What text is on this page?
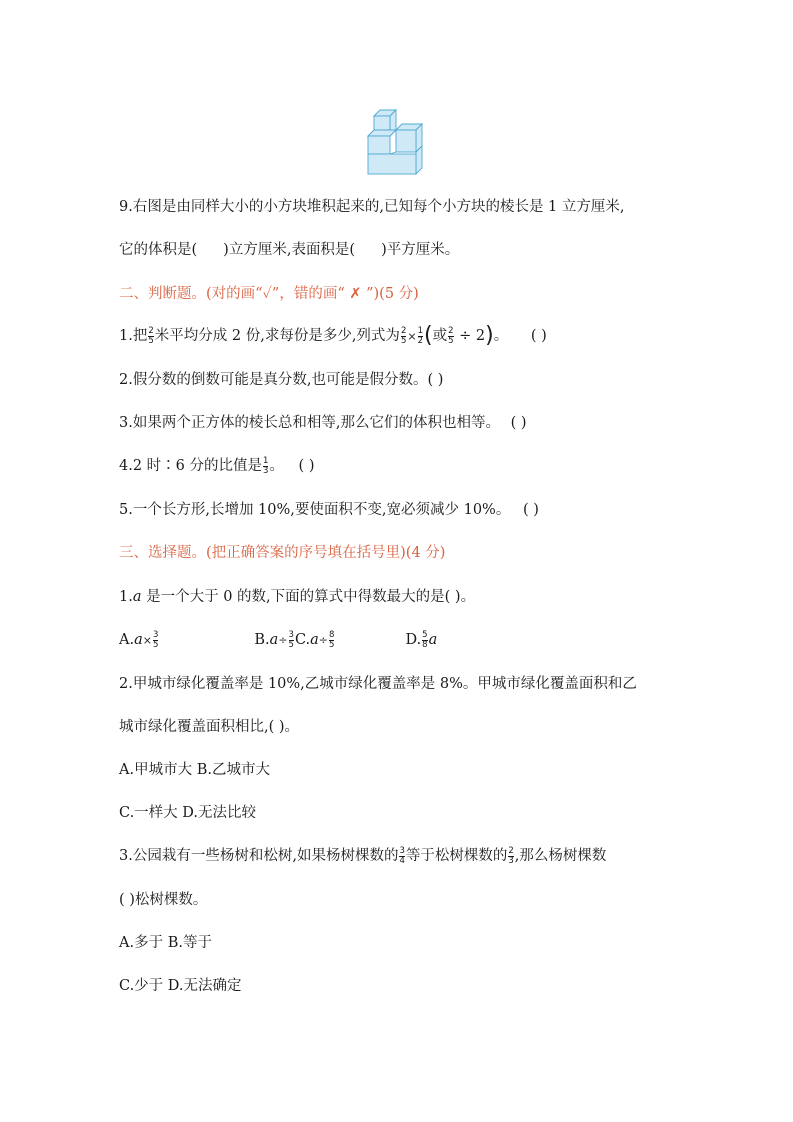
9.右图是由同样大小的小方块堆积起来的,已知每个小方块的棱长是 1 立方厘米,
它的体积是( )立方厘米,表面积是( )平方厘米。
二、判断题。(对的画“✓”，错的画“ ✗ ”)(5 分)
1.把 $\frac{2}{5}$ 米平均分成 2 份,求每份是多少,列式为 $\frac{2}{5} \times \frac{1}{2}$ (或 $\frac{2}{5} \div 2$)。 ( )
2.假分数的倒数可能是真分数,也可能是假分数。( )
3.如果两个正方体的棱长总和相等,那么它们的体积也相等。 ( )
4.2 时∶6 分的比值是 $\frac{1}{3}$ 。 ( )
5.一个长方形,长增加 10%,要使面积不变,宽必须减少 10%。 ( )
三、选择题。(把正确答案的序号填在括号里)(4 分)
1.a 是一个大于 0 的数,下面的算式中得数最大的是( )。
$A.a\times \frac{3}{5}$	$B.a\div \frac{3}{5} C.a\div \frac{8}{5}$	D. $\frac{5}{8}$ a
2.甲城市绿化覆盖率是 10%,乙城市绿化覆盖率是 8%。甲城市绿化覆盖面积和乙
城市绿化覆盖面积相比,( )。
A.甲城市大 B.乙城市大
C.一样大 D.无法比较
3.公园栽有一些杨树和松树,如果杨树棵数的 $\frac{3}{4}$ 等于松树棵数的 $\frac{2}{3}$ ,那么杨树棵数
( )松树棵数。
A.多于 B.等于
C.少于 D.无法确定
